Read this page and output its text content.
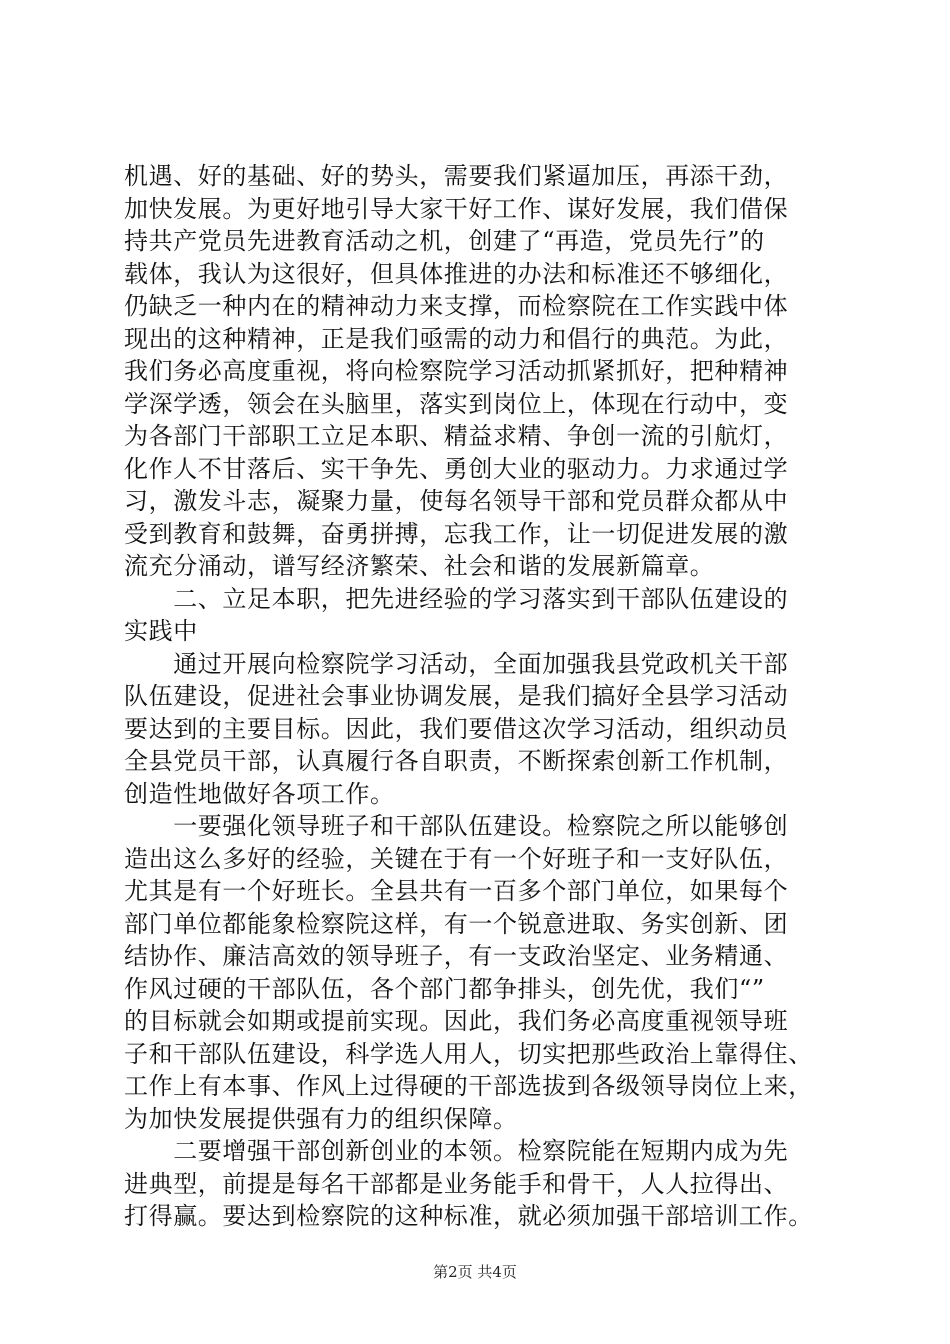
机遇、好的基础、好的势头，需要我们紧逼加压，再添干劲，
加快发展。为更好地引导大家干好工作、谋好发展，我们借保
持共产党员先进教育活动之机，创建了“再造，党员先行”的
载体，我认为这很好，但具体推进的办法和标准还不够细化，
仍缺乏一种内在的精神动力来支撑，而检察院在工作实践中体
现出的这种精神，正是我们亟需的动力和倡行的典范。为此，
我们务必高度重视，将向检察院学习活动抓紧抓好，把种精神
学深学透，领会在头脑里，落实到岗位上，体现在行动中，变
为各部门干部职工立足本职、精益求精、争创一流的引航灯，
化作人不甘落后、实干争先、勇创大业的驱动力。力求通过学
习，激发斗志，凝聚力量，使每名领导干部和党员群众都从中
受到教育和鼓舞，奋勇拼搏，忘我工作，让一切促进发展的激
流充分涌动，谱写经济繁荣、社会和谐的发展新篇章。
　　二、立足本职，把先进经验的学习落实到干部队伍建设的
实践中
　　通过开展向检察院学习活动，全面加强我县党政机关干部
队伍建设，促进社会事业协调发展，是我们搞好全县学习活动
要达到的主要目标。因此，我们要借这次学习活动，组织动员
全县党员干部，认真履行各自职责，不断探索创新工作机制，
创造性地做好各项工作。
　　一要强化领导班子和干部队伍建设。检察院之所以能够创
造出这么多好的经验，关键在于有一个好班子和一支好队伍，
尤其是有一个好班长。全县共有一百多个部门单位，如果每个
部门单位都能象检察院这样，有一个锐意进取、务实创新、团
结协作、廉洁高效的领导班子，有一支政治坚定、业务精通、
作风过硬的干部队伍，各个部门都争排头，创先优，我们“”
的目标就会如期或提前实现。因此，我们务必高度重视领导班
子和干部队伍建设，科学选人用人，切实把那些政治上靠得住、
工作上有本事、作风上过得硬的干部选拔到各级领导岗位上来，
为加快发展提供强有力的组织保障。
　　二要增强干部创新创业的本领。检察院能在短期内成为先
进典型，前提是每名干部都是业务能手和骨干，人人拉得出、
打得赢。要达到检察院的这种标准，就必须加强干部培训工作。
第2页 共4页
